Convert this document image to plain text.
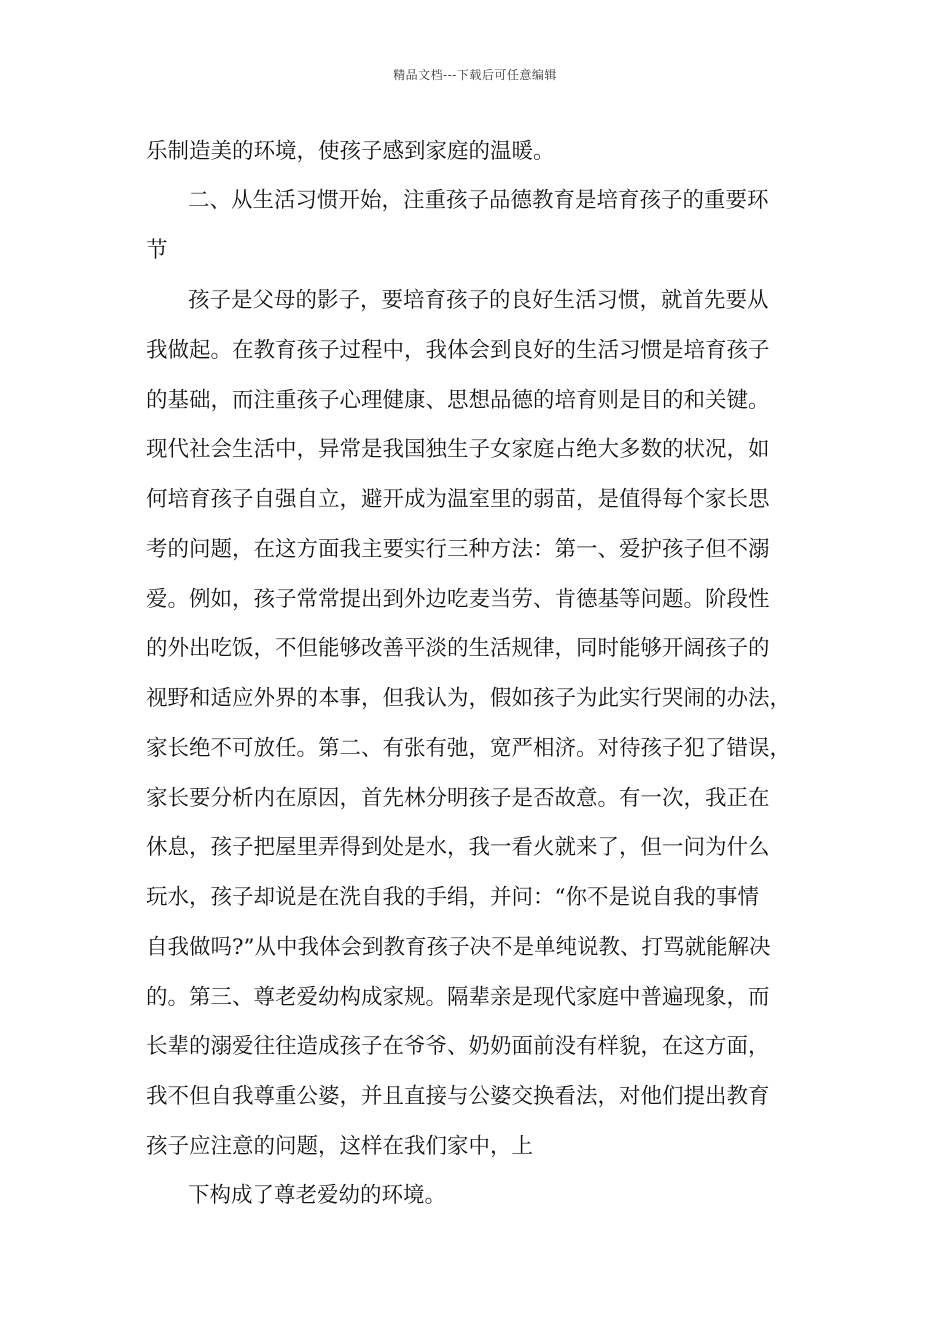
精品文档---下载后可任意编辑
乐制造美的环境，使孩子感到家庭的温暖。
二、从生活习惯开始，注重孩子品德教育是培育孩子的重要环
节
孩子是父母的影子，要培育孩子的良好生活习惯，就首先要从
我做起。在教育孩子过程中，我体会到良好的生活习惯是培育孩子
的基础，而注重孩子心理健康、思想品德的培育则是目的和关键。
现代社会生活中，异常是我国独生子女家庭占绝大多数的状况，如
何培育孩子自强自立，避开成为温室里的弱苗，是值得每个家长思
考的问题，在这方面我主要实行三种方法：第一、爱护孩子但不溺
爱。例如，孩子常常提出到外边吃麦当劳、肯德基等问题。阶段性
的外出吃饭，不但能够改善平淡的生活规律，同时能够开阔孩子的
视野和适应外界的本事，但我认为，假如孩子为此实行哭闹的办法，
家长绝不可放任。第二、有张有弛，宽严相济。对待孩子犯了错误，
家长要分析内在原因，首先林分明孩子是否故意。有一次，我正在
休息，孩子把屋里弄得到处是水，我一看火就来了，但一问为什么
玩水，孩子却说是在洗自我的手绢，并问：“你不是说自我的事情
自我做吗?”从中我体会到教育孩子决不是单纯说教、打骂就能解决
的。第三、尊老爱幼构成家规。隔辈亲是现代家庭中普遍现象，而
长辈的溺爱往往造成孩子在爷爷、奶奶面前没有样貌，在这方面，
我不但自我尊重公婆，并且直接与公婆交换看法，对他们提出教育
孩子应注意的问题，这样在我们家中，上
下构成了尊老爱幼的环境。
